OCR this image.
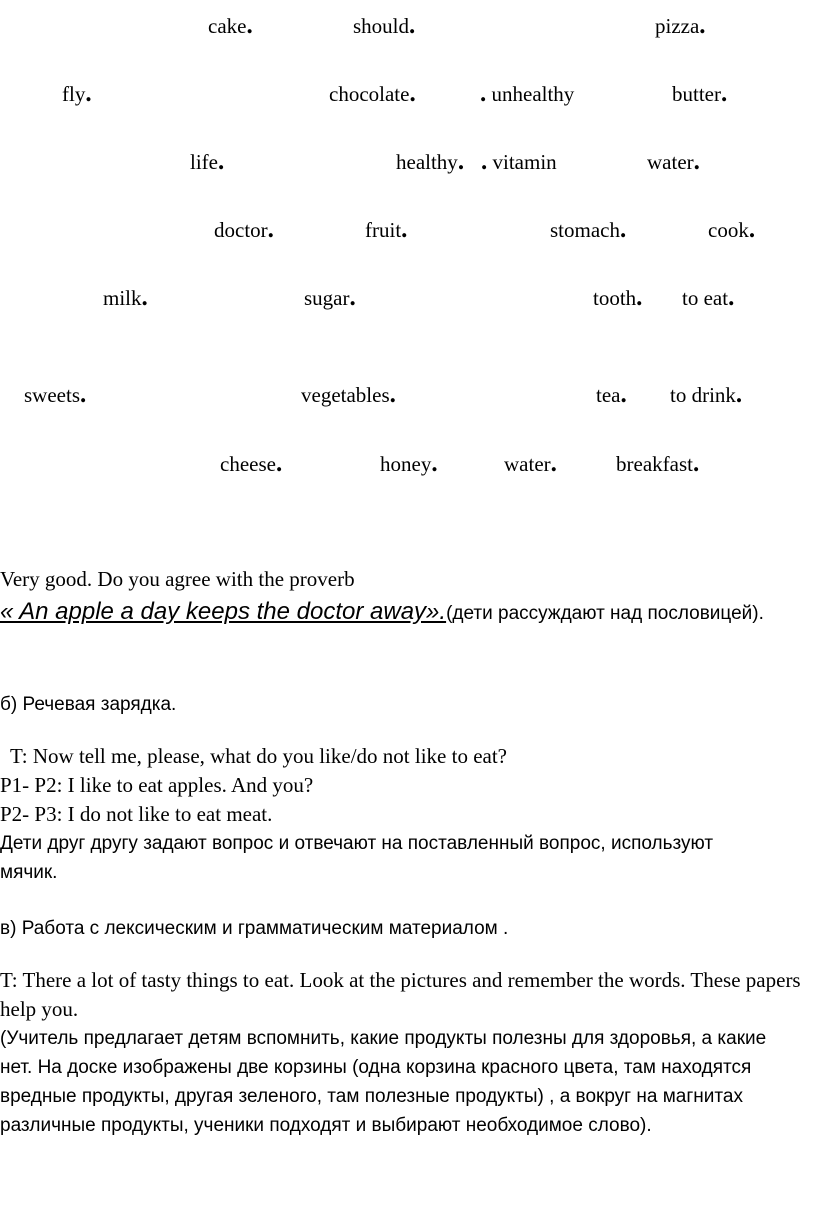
cake.	should.	pizza.
fly.	chocolate.	. unhealthy	butter.
life.	healthy. . vitamin	water.
doctor.	fruit.	stomach.	cook.
milk.	sugar.	tooth. to eat.
sweets.	vegetables.	tea. to drink.
cheese.	honey.	water.	breakfast.
Very good. Do you agree with the proverb
« An apple a day keeps the doctor away».(дети рассуждают над пословицей).
б) Речевая зарядка.
T: Now tell me, please, what do you like/do not like to eat?
P1- P2: I like to eat apples. And you?
P2- P3: I do not like to eat meat.
Дети друг другу задают вопрос и отвечают на поставленный вопрос, используют мячик.
в) Работа с лексическим и грамматическим материалом .
T: There a lot of tasty things to eat. Look at the pictures and remember the words. These papers help you.
(Учитель предлагает детям вспомнить, какие продукты полезны для здоровья, а какие нет. На доске изображены две корзины (одна корзина красного цвета, там находятся вредные продукты, другая зеленого, там полезные продукты) , а вокруг на магнитах различные продукты, ученики подходят и выбирают необходимое слово).
